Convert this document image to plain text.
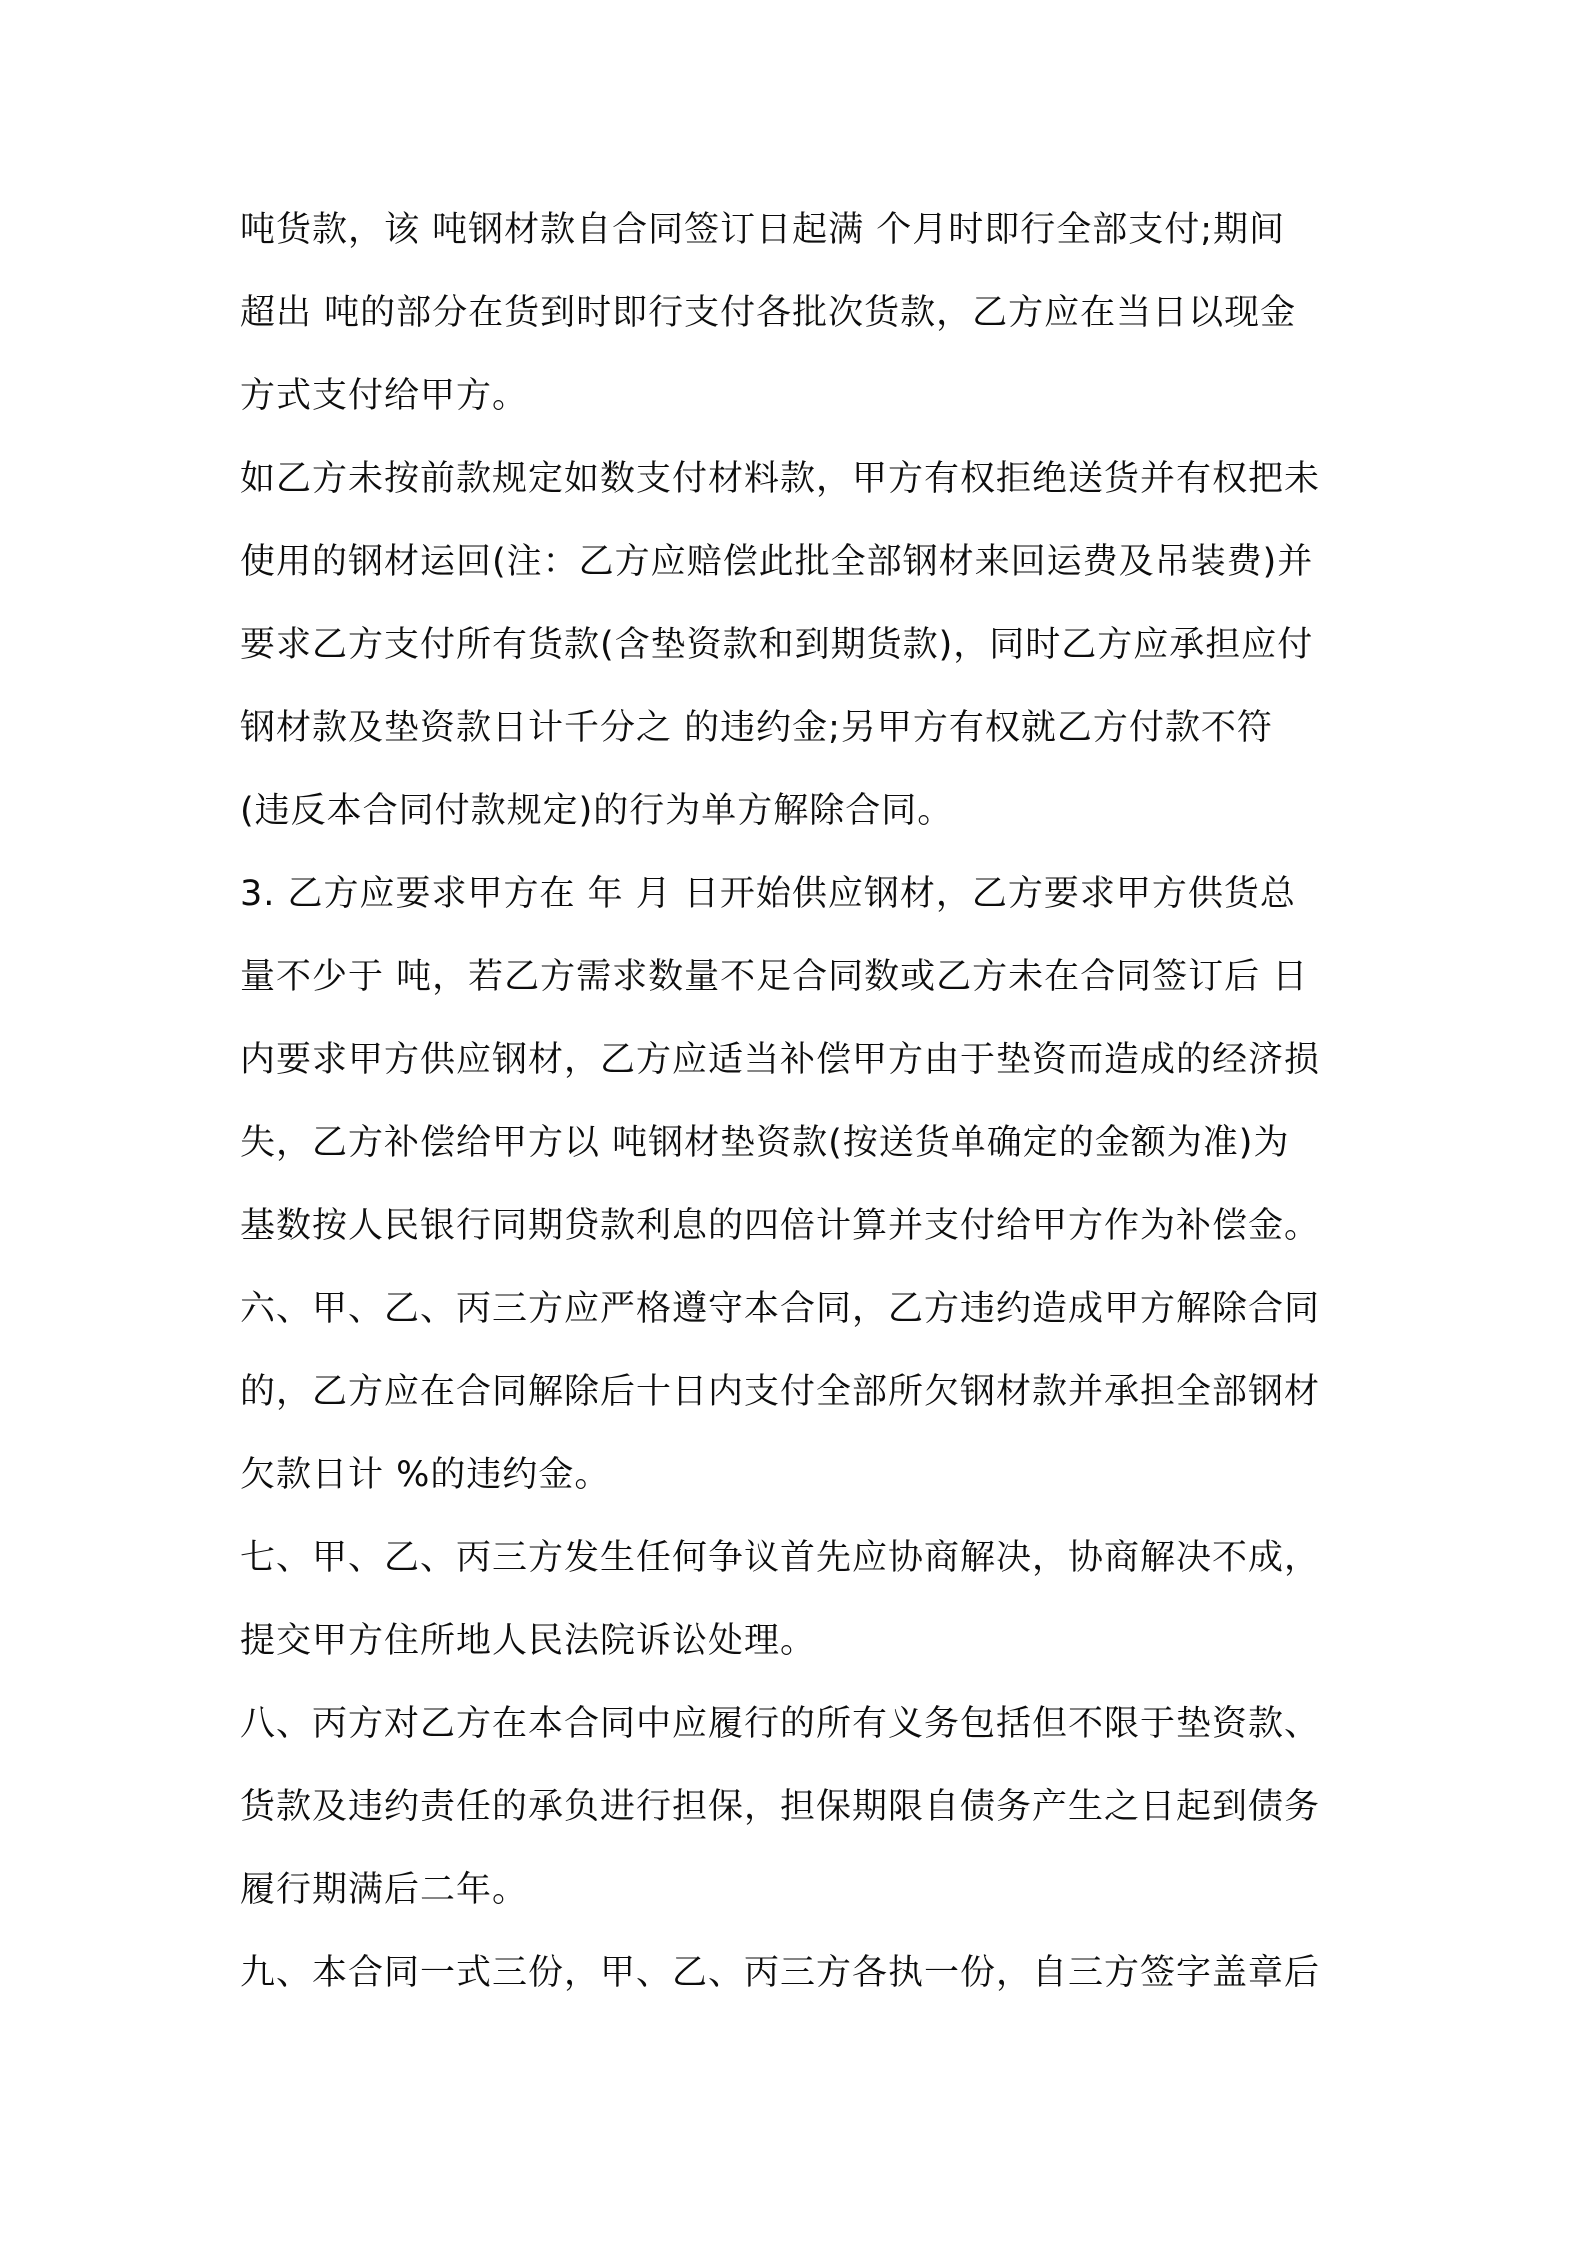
吨货款，该 吨钢材款自合同签订日起满 个月时即行全部支付;期间
超出 吨的部分在货到时即行支付各批次货款，乙方应在当日以现金
方式支付给甲方。
如乙方未按前款规定如数支付材料款，甲方有权拒绝送货并有权把未
使用的钢材运回(注：乙方应赔偿此批全部钢材来回运费及吊装费)并
要求乙方支付所有货款(含垫资款和到期货款)，同时乙方应承担应付
钢材款及垫资款日计千分之 的违约金;另甲方有权就乙方付款不符
(违反本合同付款规定)的行为单方解除合同。
3. 乙方应要求甲方在 年 月 日开始供应钢材，乙方要求甲方供货总
量不少于 吨，若乙方需求数量不足合同数或乙方未在合同签订后 日
内要求甲方供应钢材，乙方应适当补偿甲方由于垫资而造成的经济损
失，乙方补偿给甲方以 吨钢材垫资款(按送货单确定的金额为准)为
基数按人民银行同期贷款利息的四倍计算并支付给甲方作为补偿金。
六、甲、乙、丙三方应严格遵守本合同，乙方违约造成甲方解除合同
的，乙方应在合同解除后十日内支付全部所欠钢材款并承担全部钢材
欠款日计 %的违约金。
七、甲、乙、丙三方发生任何争议首先应协商解决，协商解决不成，
提交甲方住所地人民法院诉讼处理。
八、丙方对乙方在本合同中应履行的所有义务包括但不限于垫资款、
货款及违约责任的承负进行担保，担保期限自债务产生之日起到债务
履行期满后二年。
九、本合同一式三份，甲、乙、丙三方各执一份，自三方签字盖章后
